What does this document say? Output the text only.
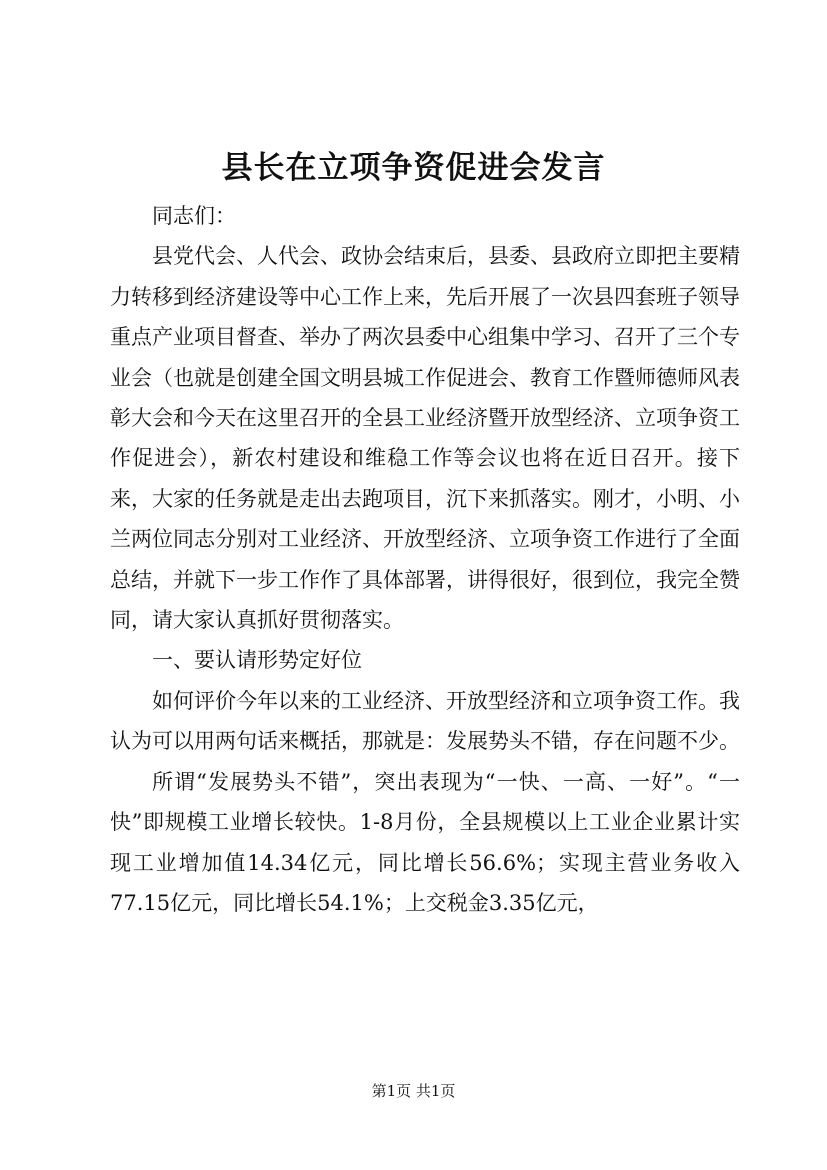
县长在立项争资促进会发言

同志们：

县党代会、人代会、政协会结束后，县委、县政府立即把主要精力转移到经济建设等中心工作上来，先后开展了一次县四套班子领导重点产业项目督查、举办了两次县委中心组集中学习、召开了三个专业会（也就是创建全国文明县城工作促进会、教育工作暨师德师风表彰大会和今天在这里召开的全县工业经济暨开放型经济、立项争资工作促进会），新农村建设和维稳工作等会议也将在近日召开。接下来，大家的任务就是走出去跑项目，沉下来抓落实。刚才，小明、小兰两位同志分别对工业经济、开放型经济、立项争资工作进行了全面总结，并就下一步工作作了具体部署，讲得很好，很到位，我完全赞同，请大家认真抓好贯彻落实。

一、要认请形势定好位

如何评价今年以来的工业经济、开放型经济和立项争资工作。我认为可以用两句话来概括，那就是：发展势头不错，存在问题不少。

所谓“发展势头不错”，突出表现为“一快、一高、一好”。“一快”即规模工业增长较快。1-8月份，全县规模以上工业企业累计实现工业增加值14.34亿元，同比增长56.6%；实现主营业务收入77.15亿元，同比增长54.1%；上交税金3.35亿元，

第1页 共1页
